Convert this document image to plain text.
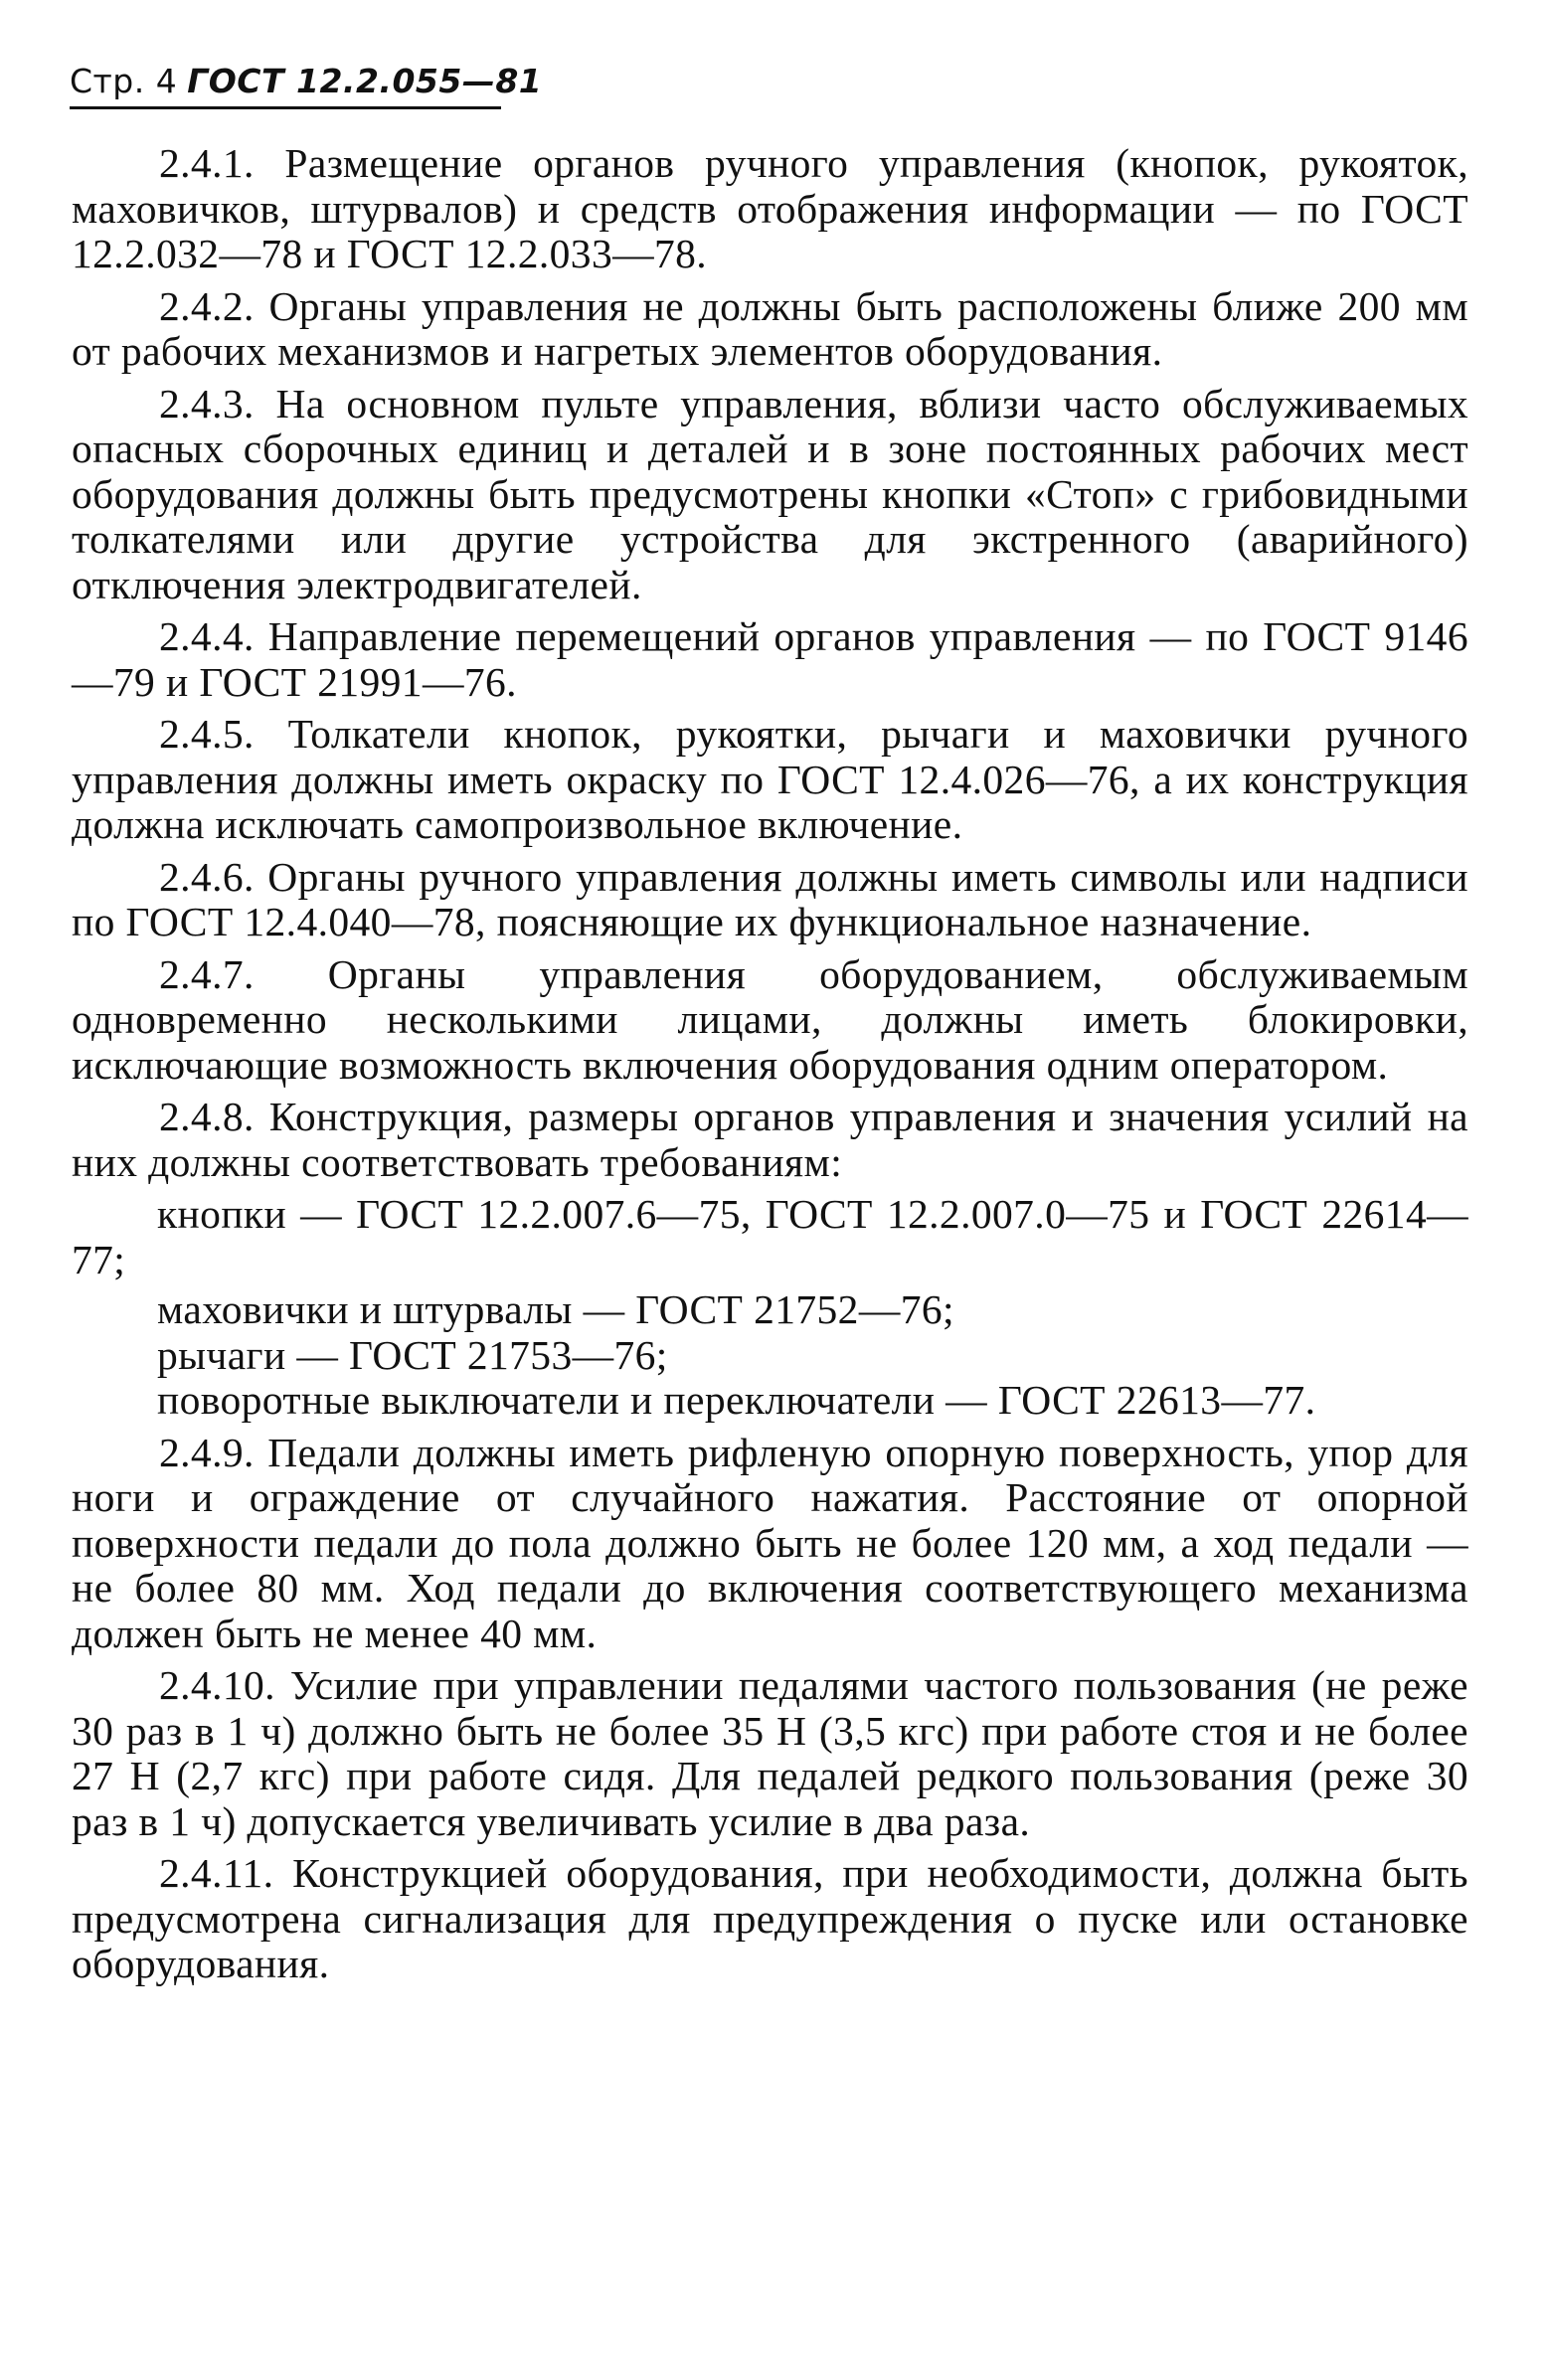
Стр. 4 ГОСТ 12.2.055—81

2.4.1. Размещение органов ручного управления (кнопок, рукояток, маховичков, штурвалов) и средств отображения информации — по ГОСТ 12.2.032—78 и ГОСТ 12.2.033—78.

2.4.2. Органы управления не должны быть расположены ближе 200 мм от рабочих механизмов и нагретых элементов оборудования.

2.4.3. На основном пульте управления, вблизи часто обслуживаемых опасных сборочных единиц и деталей и в зоне постоянных рабочих мест оборудования должны быть предусмотрены кнопки «Стоп» с грибовидными толкателями или другие устройства для экстренного (аварийного) отключения электродвигателей.

2.4.4. Направление перемещений органов управления — по ГОСТ 9146—79 и ГОСТ 21991—76.

2.4.5. Толкатели кнопок, рукоятки, рычаги и маховички ручного управления должны иметь окраску по ГОСТ 12.4.026—76, а их конструкция должна исключать самопроизвольное включение.

2.4.6. Органы ручного управления должны иметь символы или надписи по ГОСТ 12.4.040—78, поясняющие их функциональное назначение.

2.4.7. Органы управления оборудованием, обслуживаемым одновременно несколькими лицами, должны иметь блокировки, исключающие возможность включения оборудования одним оператором.

2.4.8. Конструкция, размеры органов управления и значения усилий на них должны соответствовать требованиям:

кнопки — ГОСТ 12.2.007.6—75, ГОСТ 12.2.007.0—75 и ГОСТ 22614—77;

маховички и штурвалы — ГОСТ 21752—76;

рычаги — ГОСТ 21753—76;

поворотные выключатели и переключатели — ГОСТ 22613—77.

2.4.9. Педали должны иметь рифленую опорную поверхность, упор для ноги и ограждение от случайного нажатия. Расстояние от опорной поверхности педали до пола должно быть не более 120 мм, а ход педали — не более 80 мм. Ход педали до включения соответствующего механизма должен быть не менее 40 мм.

2.4.10. Усилие при управлении педалями частого пользования (не реже 30 раз в 1 ч) должно быть не более 35 Н (3,5 кгс) при работе стоя и не более 27 Н (2,7 кгс) при работе сидя. Для педалей редкого пользования (реже 30 раз в 1 ч) допускается увеличивать усилие в два раза.

2.4.11. Конструкцией оборудования, при необходимости, должна быть предусмотрена сигнализация для предупреждения о пуске или остановке оборудования.
